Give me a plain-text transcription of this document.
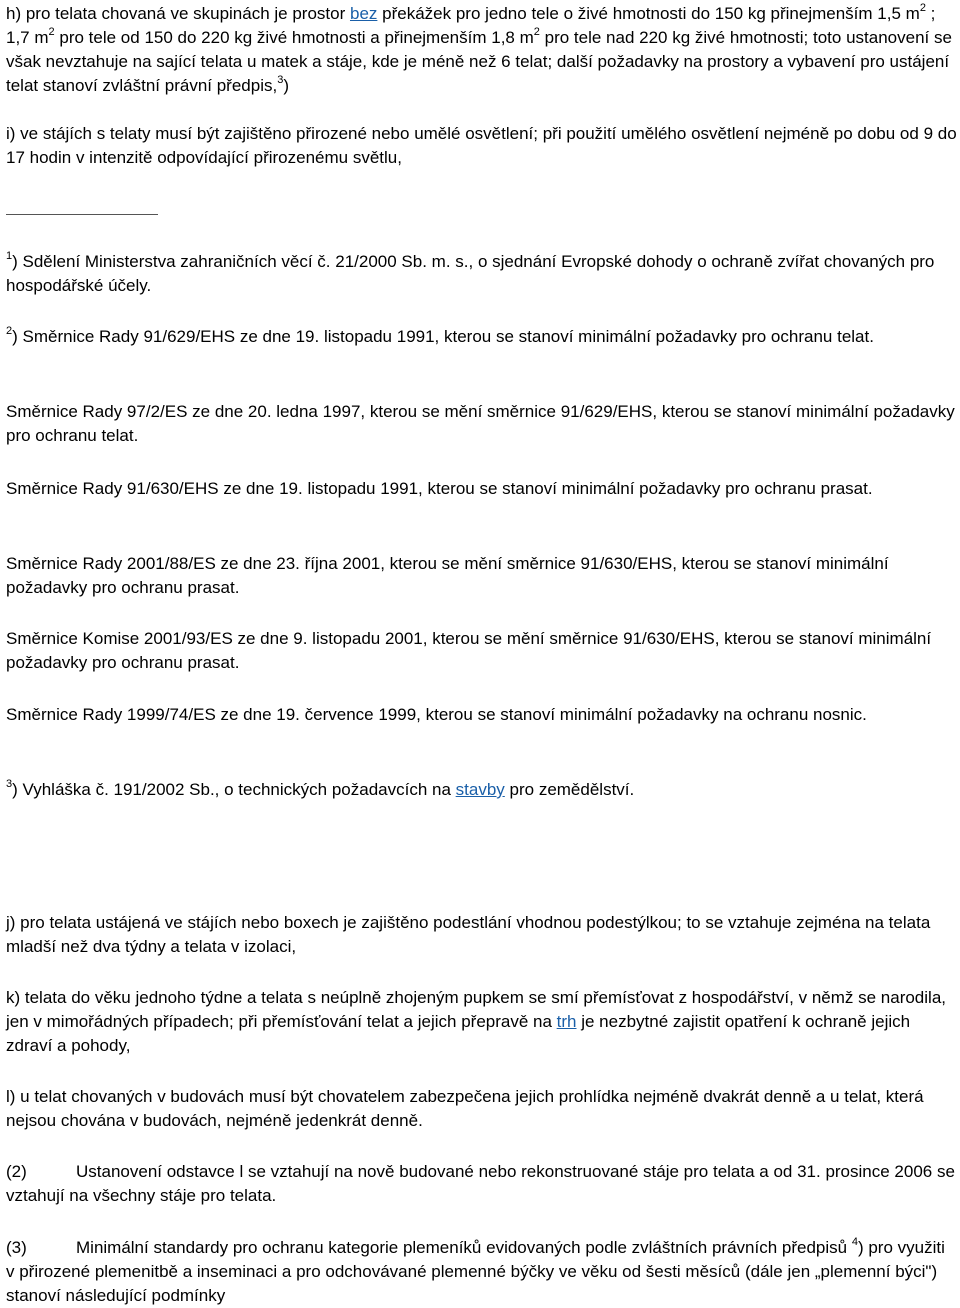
h) pro telata chovaná ve skupinách je prostor bez překážek pro jedno tele o živé hmotnosti do 150 kg přinejmenším 1,5 $m^2$ ; 1,7 $m^2$ pro tele od 150 do 220 kg živé hmotnosti a přinejmenším 1,8 $m^2$ pro tele nad 220 kg živé hmotnosti; toto ustanovení se však nevztahuje na sající telata u matek a stáje, kde je méně než 6 telat; další požadavky na prostory a vybavení pro ustájení telat stanoví zvláštní právní předpis,$^3$)

i) ve stájích s telaty musí být zajištěno přirozené nebo umělé osvětlení; při použití umělého osvětlení nejméně po dobu od 9 do 17 hodin v intenzitě odpovídající přirozenému světlu,

$^1$) Sdělení Ministerstva zahraničních věcí č. 21/2000 Sb. m. s., o sjednání Evropské dohody o ochraně zvířat chovaných pro hospodářské účely.

$^2$) Směrnice Rady 91/629/EHS ze dne 19. listopadu 1991, kterou se stanoví minimální požadavky pro ochranu telat.

Směrnice Rady 97/2/ES ze dne 20. ledna 1997, kterou se mění směrnice 91/629/EHS, kterou se stanoví minimální požadavky pro ochranu telat.

Směrnice Rady 91/630/EHS ze dne 19. listopadu 1991, kterou se stanoví minimální požadavky pro ochranu prasat.

Směrnice Rady 2001/88/ES ze dne 23. října 2001, kterou se mění směrnice 91/630/EHS, kterou se stanoví minimální požadavky pro ochranu prasat.

Směrnice Komise 2001/93/ES ze dne 9. listopadu 2001, kterou se mění směrnice 91/630/EHS, kterou se stanoví minimální požadavky pro ochranu prasat.

Směrnice Rady 1999/74/ES ze dne 19. července 1999, kterou se stanoví minimální požadavky na ochranu nosnic.

$^3$) Vyhláška č. 191/2002 Sb., o technických požadavcích na stavby pro zemědělství.

j) pro telata ustájená ve stájích nebo boxech je zajištěno podestlání vhodnou podestýlkou; to se vztahuje zejména na telata mladší než dva týdny a telata v izolaci,

k) telata do věku jednoho týdne a telata s neúplně zhojeným pupkem se smí přemísťovat z hospodářství, v němž se narodila, jen v mimořádných případech; při přemísťování telat a jejich přepravě na trh je nezbytné zajistit opatření k ochraně jejich zdraví a pohody,

l) u telat chovaných v budovách musí být chovatelem zabezpečena jejich prohlídka nejméně dvakrát denně a u telat, která nejsou chována v budovách, nejméně jedenkrát denně.

(2)	Ustanovení odstavce l se vztahují na nově budované nebo rekonstruované stáje pro telata a od 31. prosince 2006 se vztahují na všechny stáje pro telata.

(3)	Minimální standardy pro ochranu kategorie plemeníků evidovaných podle zvláštních právních předpisů $^4$) pro využiti v přirozené plemenitbě a inseminaci a pro odchovávané plemenné býčky ve věku od šesti měsíců (dále jen „plemenní býci") stanoví následující podmínky
